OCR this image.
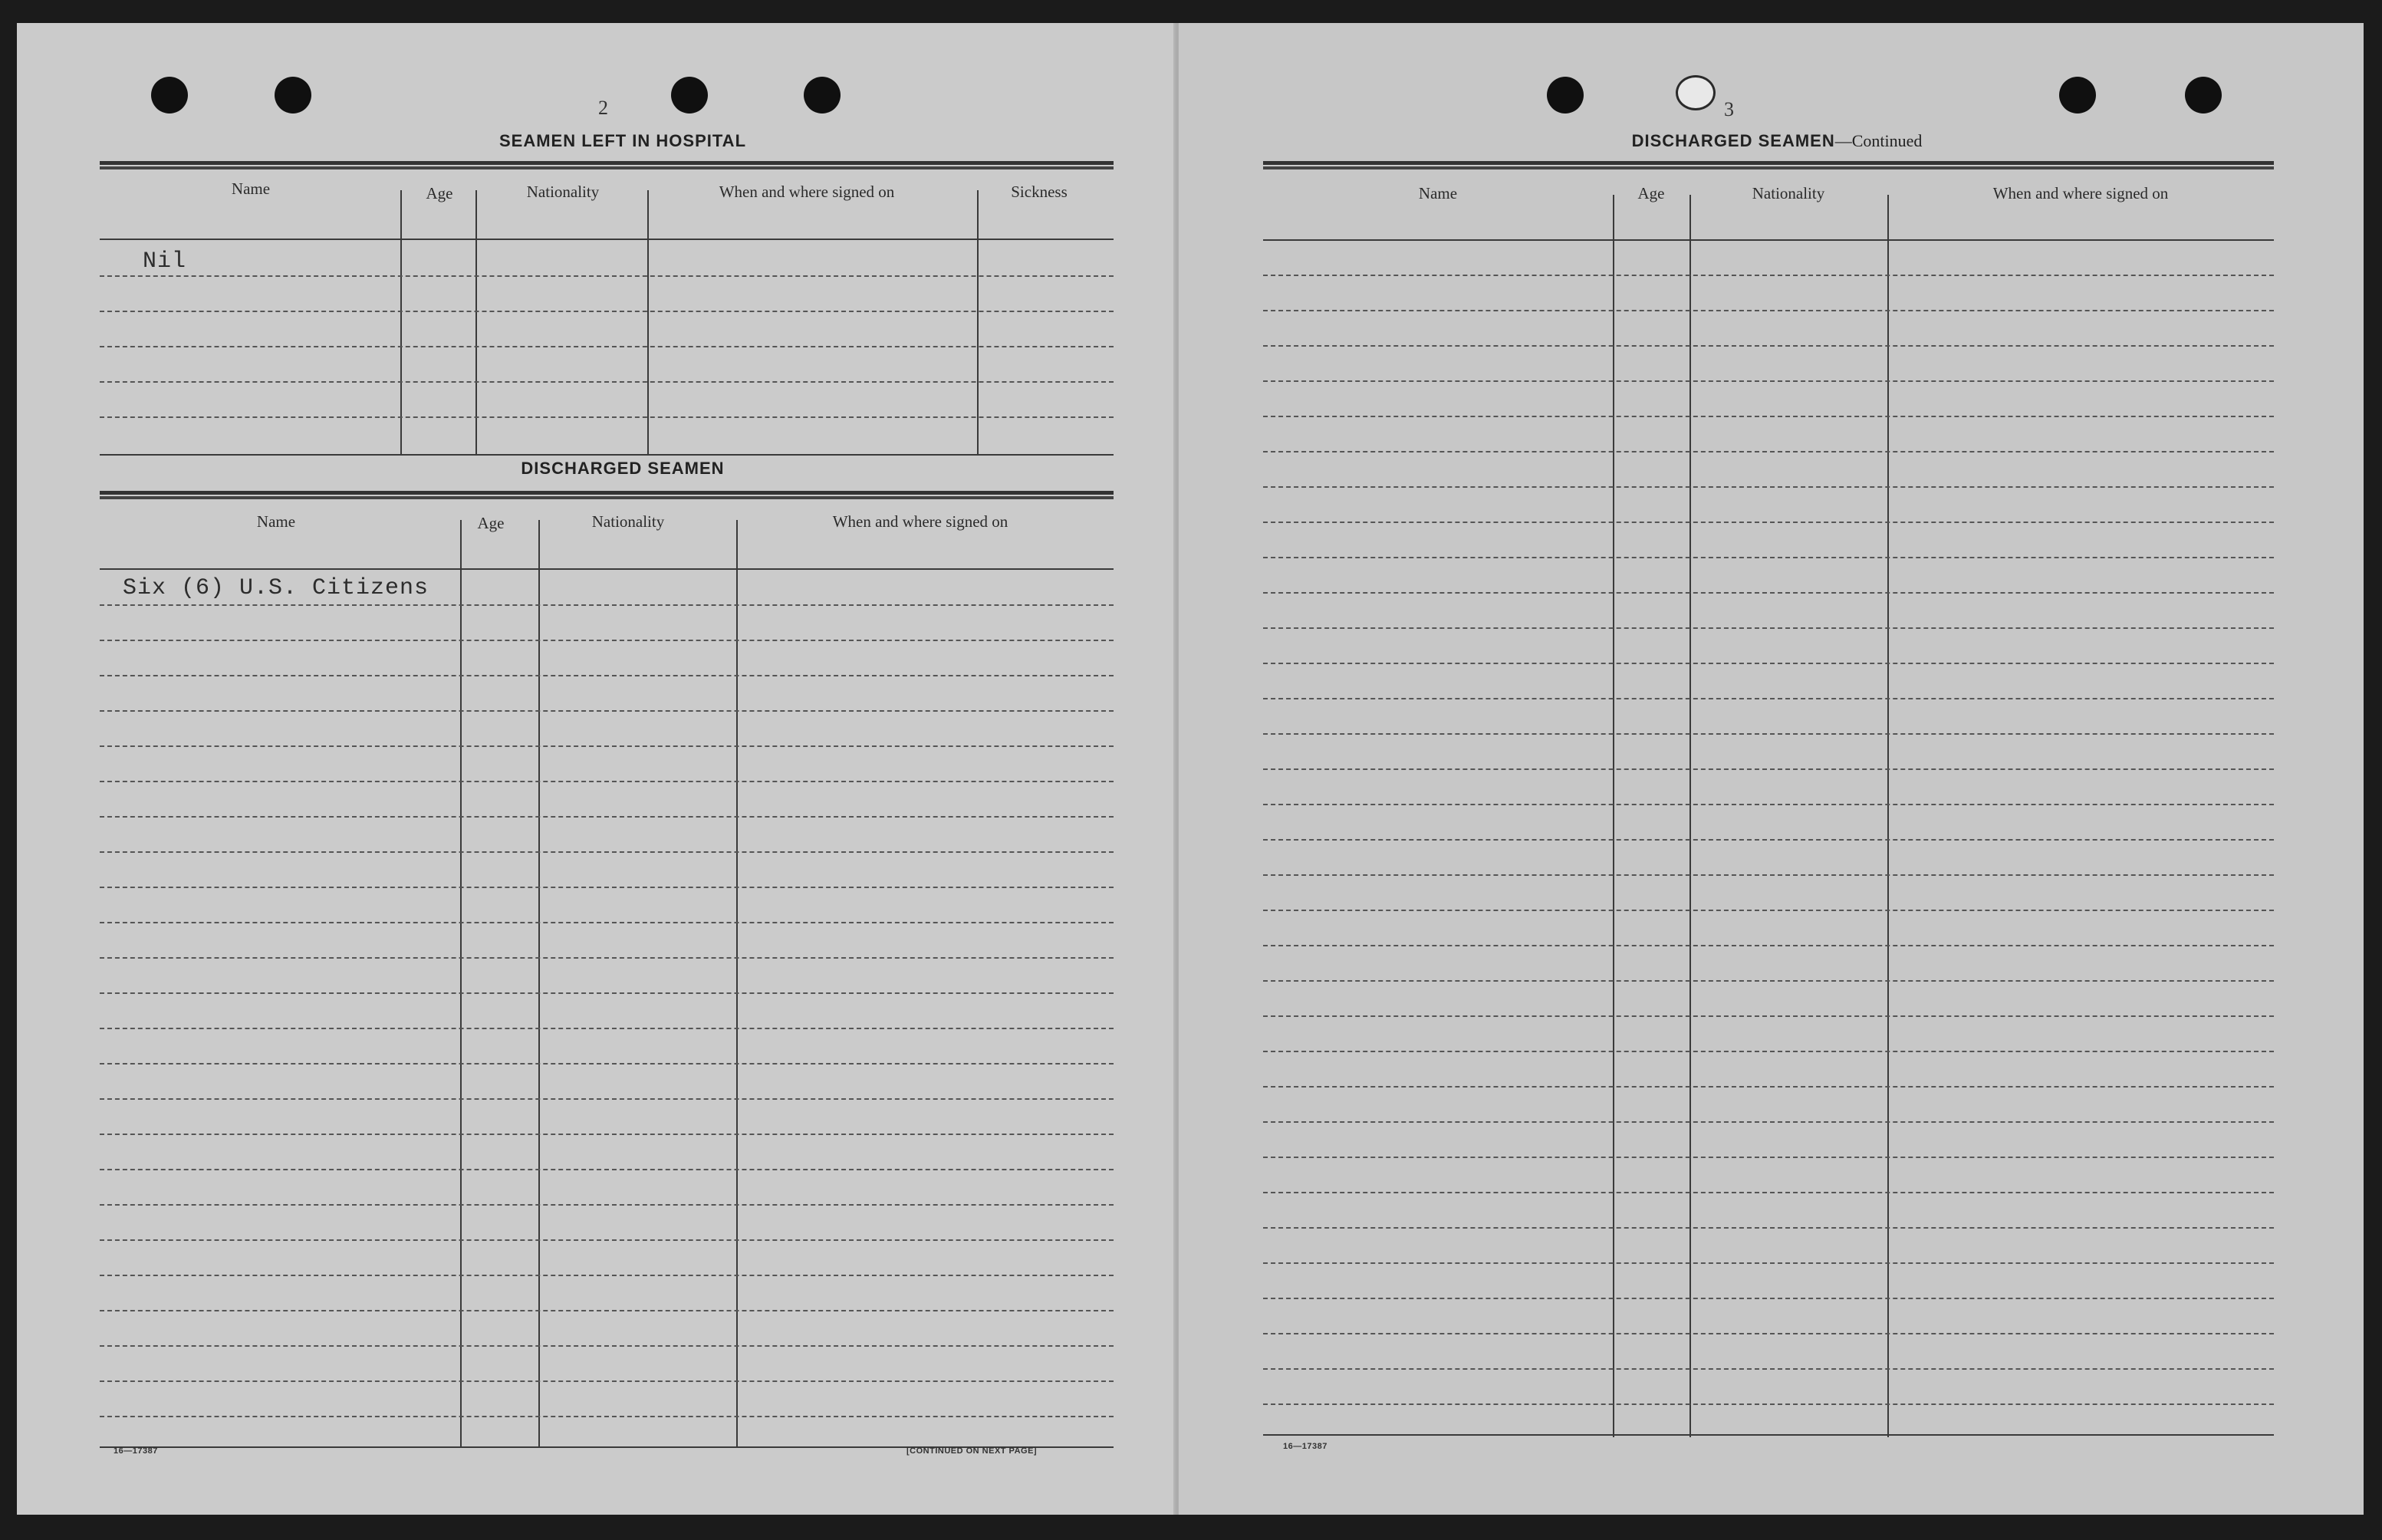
2
SEAMEN LEFT IN HOSPITAL
Name	Age	Nationality	When and where signed on	Sickness
Nil
DISCHARGED SEAMEN
Name	Age	Nationality	When and where signed on
Six (6) U.S. Citizens
16—17387	[CONTINUED ON NEXT PAGE]
3
DISCHARGED SEAMEN—Continued
Name	Age	Nationality	When and where signed on
16—17387
